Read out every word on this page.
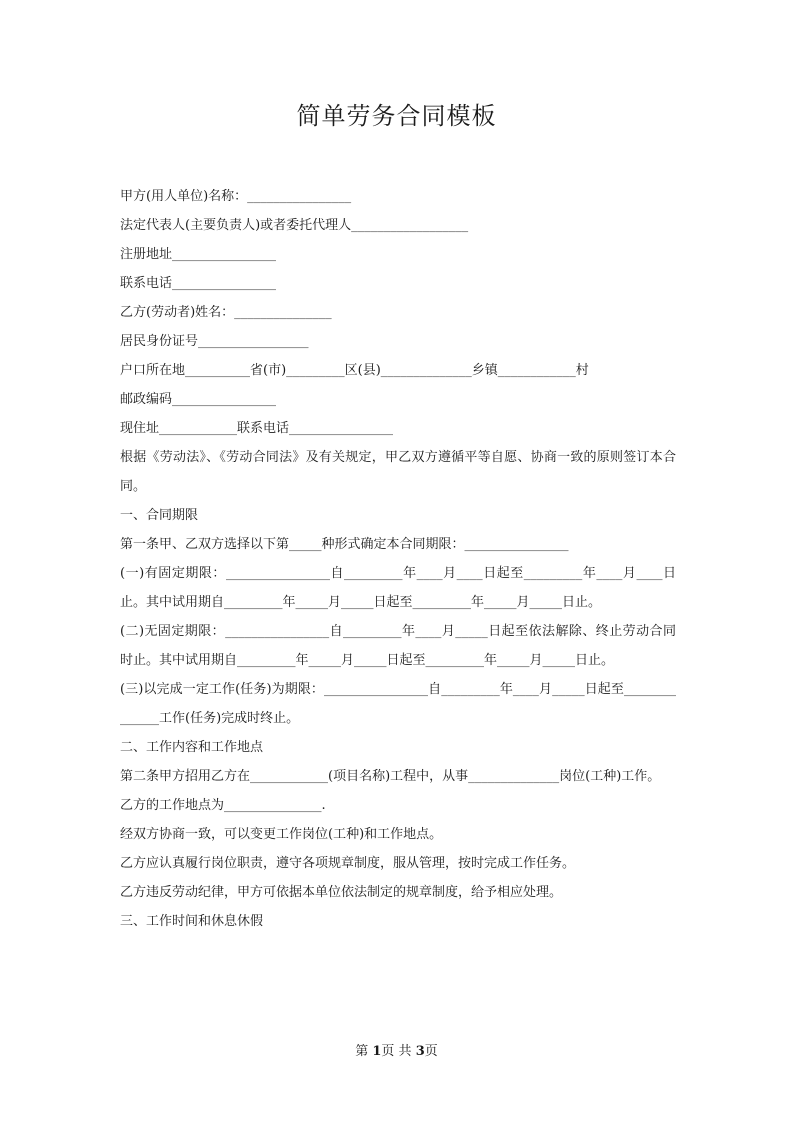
简单劳务合同模板
甲方(用人单位)名称：________________
法定代表人(主要负责人)或者委托代理人__________________
注册地址________________
联系电话________________
乙方(劳动者)姓名：_______________
居民身份证号_________________
户口所在地__________省(市)_________区(县)______________乡镇____________村
邮政编码________________
现住址____________联系电话________________
根据《劳动法》、《劳动合同法》及有关规定，甲乙双方遵循平等自愿、协商一致的原则签订本合同。
一、合同期限
第一条甲、乙双方选择以下第_____种形式确定本合同期限：________________
(一)有固定期限：________________自_________年____月____日起至_________年____月____日止。其中试用期自_________年_____月_____日起至_________年_____月_____日止。
(二)无固定期限：________________自_________年____月_____日起至依法解除、终止劳动合同时止。其中试用期自_________年_____月_____日起至_________年_____月_____日止。
(三)以完成一定工作(任务)为期限：________________自_________年____月_____日起至______________工作(任务)完成时终止。
二、工作内容和工作地点
第二条甲方招用乙方在____________(项目名称)工程中，从事______________岗位(工种)工作。
乙方的工作地点为_______________.
经双方协商一致，可以变更工作岗位(工种)和工作地点。
乙方应认真履行岗位职责，遵守各项规章制度，服从管理，按时完成工作任务。
乙方违反劳动纪律，甲方可依据本单位依法制定的规章制度，给予相应处理。
三、工作时间和休息休假
第 1页 共 3页
